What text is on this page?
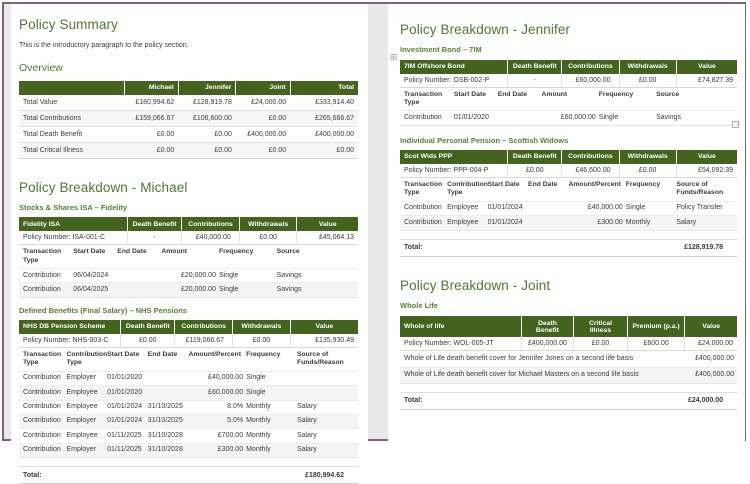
Policy Summary

This is the introductory paragraph to the policy section.

Overview
	Michael	Jennifer	Joint	Total
Total Value	£180,994.62	£128,919.78	£24,000.00	£333,914.40
Total Contributions	£159,066.67	£106,600.00	£0.00	£265,666.67
Total Death Benefit	£0.00	£0.00	£400,000.00	£400,000.00
Total Critical Illness	£0.00	£0.00	£0.00	£0.00
Policy Breakdown - Michael
Stocks & Shares ISA – Fidelity
Fidelity ISA	Death Benefit	Contributions	Withdrawals	Value
Policy Number: ISA-001-C	-	£40,000.00	£0.00	£45,064.13
Transaction Type	Start Date	End Date	Amount	Frequency	Source
Contribution	06/04/2024		£20,000.00	Single	Savings
Contribution	06/04/2025		£20,000.00	Single	Savings
Defined Benefits (Final Salary) – NHS Pensions
NHS DB Pension Scheme	Death Benefit	Contributions	Withdrawals	Value
Policy Number: NHS-003-C	£0.00	£119,066.67	£0.00	£135,930.49
Transaction Type	Contribution Type	Start Date	End Date	Amount/Percent	Frequency	Source of Funds/Reason
Contribution	Employer	01/01/2020		£40,000.00	Single	
Contribution	Employee	01/01/2020		£60,000.00	Single	
Contribution	Employee	01/01/2024	31/10/2025	8.0%	Monthly	Salary
Contribution	Employer	01/01/2024	31/10/2025	5.0%	Monthly	Salary
Contribution	Employee	01/11/2025	31/10/2028	£700.00	Monthly	Salary
Contribution	Employer	01/11/2025	31/10/2028	£300.00	Monthly	Salary
Total:	£180,994.62
⊞
Policy Breakdown - Jennifer
Investment Bond – 7IM
7IM Offshore Bond	Death Benefit	Contributions	Withdrawals	Value
Policy Number: OSB-002-P	-	£60,000.00	£0.00	£74,827.39
Transaction Type	Start Date	End Date	Amount	Frequency	Source
Contribution	01/01/2020		£60,000.00	Single	Savings
Individual Personal Pension – Scottish Widows
Scot Wids PPP	Death Benefit	Contributions	Withdrawals	Value
Policy Number: PPP-004-P	£0.00	£46,600.00	£0.00	£54,092.39
Transaction Type	Contribution Type	Start Date	End Date	Amount/Percent	Frequency	Source of Funds/Reason
Contribution	Employee	01/01/2024		£40,000.00	Single	Policy Transfer
Contribution	Employee	01/01/2024		£300.00	Monthly	Salary
Total:	£128,919.78
Policy Breakdown - Joint
Whole Life
Whole of life	Death Benefit	Critical Illness	Premium (p.a.)	Value
Policy Number: WOL-005-JT	£400,000.00	£0.00	£600.00	£24,000.00
Whole of Life death benefit cover for Jennifer Jones on a second life basis				£400,000.00
Whole of Life death benefit cover for Michael Masters on a second life basis				£400,000.00
Total:	£24,000.00
